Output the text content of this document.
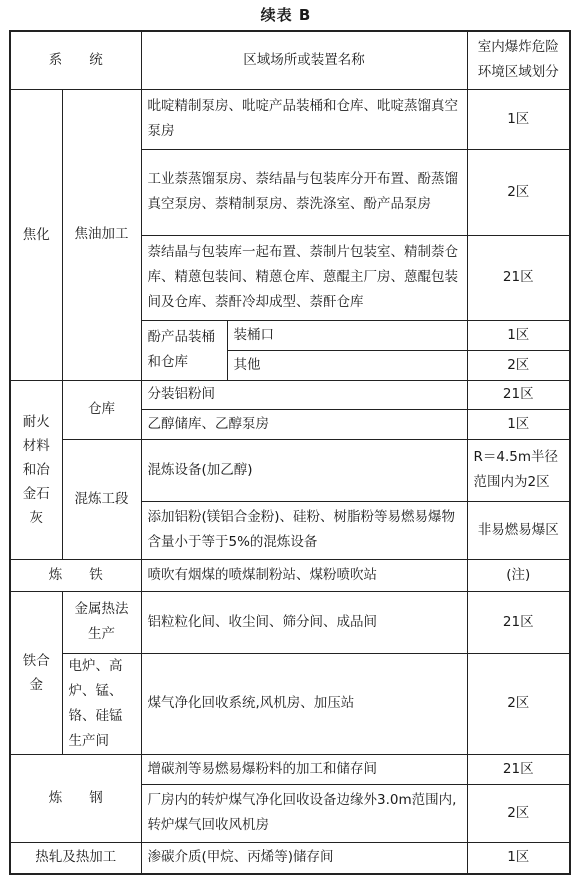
续表 B
系　　统		区域场所或装置名称		室内爆炸危险环境区域划分
焦化	焦油加工	吡啶精制泵房、吡啶产品装桶和仓库、吡啶蒸馏真空泵房		1区
		工业萘蒸馏泵房、萘结晶与包装库分开布置、酚蒸馏真空泵房、萘精制泵房、萘洗涤室、酚产品泵房		2区
		萘结晶与包装库一起布置、萘制片包装室、精制萘仓库、精蒽包装间、精蒽仓库、蒽醌主厂房、蒽醌包装间及仓库、萘酐冷却成型、萘酐仓库		21区
		酚产品装桶和仓库	装桶口	1区
			其他	2区
耐火材料和冶金石灰	仓库	分装铝粉间		21区
		乙醇储库、乙醇泵房		1区
	混炼工段	混炼设备(加乙醇)		R＝4.5m半径范围内为2区
		添加铝粉(镁铝合金粉)、硅粉、树脂粉等易燃易爆物含量小于等于5%的混炼设备		非易燃易爆区
炼　　铁		喷吹有烟煤的喷煤制粉站、煤粉喷吹站		(注)
铁合金	金属热法生产	铝粒粒化间、收尘间、筛分间、成品间		21区
	电炉、高炉、锰、铬、硅锰生产间	煤气净化回收系统,风机房、加压站		2区
炼　　钢		增碳剂等易燃易爆粉料的加工和储存间		21区
		厂房内的转炉煤气净化回收设备边缘外3.0m范围内,转炉煤气回收风机房		2区
热轧及热加工		渗碳介质(甲烷、丙烯等)储存间		1区
